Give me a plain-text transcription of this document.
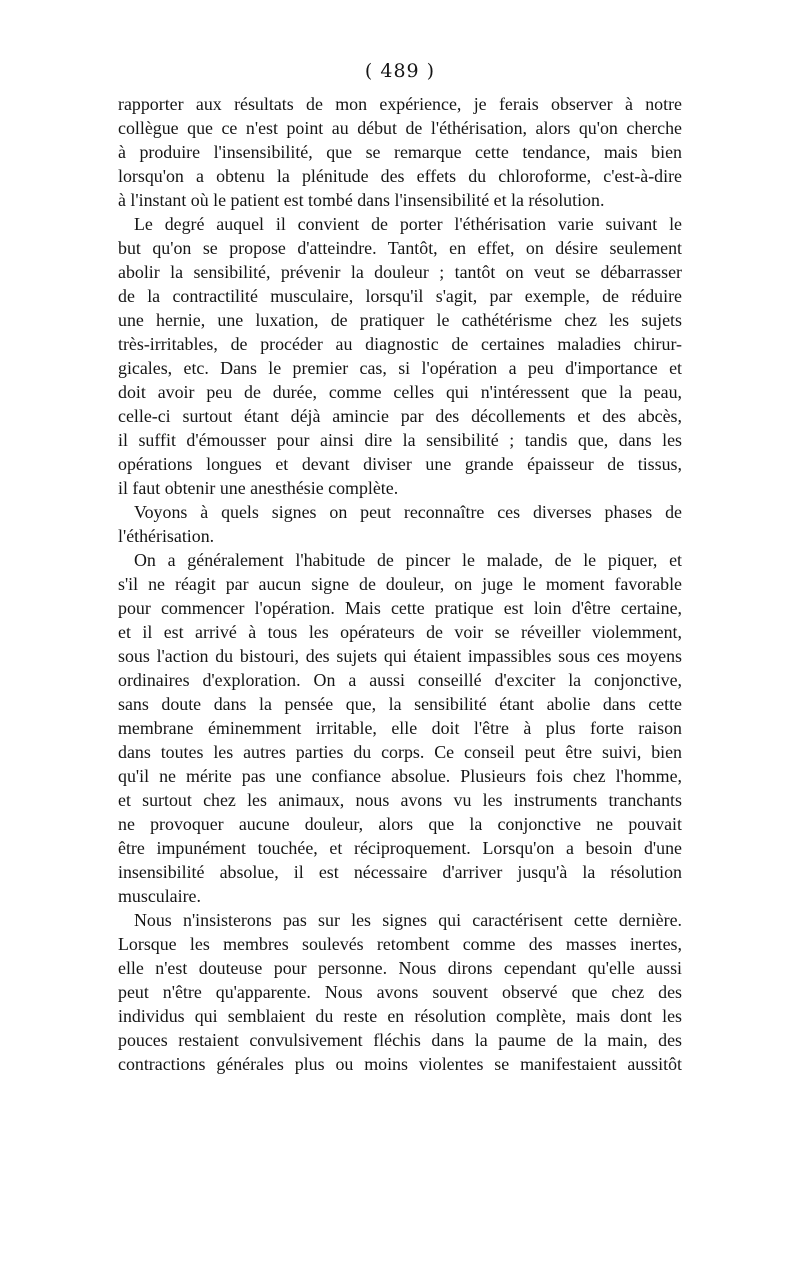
( 489 )
rapporter aux résultats de mon expérience, je ferais observer à notre
collègue que ce n'est point au début de l'éthérisation, alors qu'on cherche
à produire l'insensibilité, que se remarque cette tendance, mais bien
lorsqu'on a obtenu la plénitude des effets du chloroforme, c'est-à-dire
à l'instant où le patient est tombé dans l'insensibilité et la résolution.
Le degré auquel il convient de porter l'éthérisation varie suivant le
but qu'on se propose d'atteindre. Tantôt, en effet, on désire seulement
abolir la sensibilité, prévenir la douleur ; tantôt on veut se débarrasser
de la contractilité musculaire, lorsqu'il s'agit, par exemple, de réduire
une hernie, une luxation, de pratiquer le cathétérisme chez les sujets
très-irritables, de procéder au diagnostic de certaines maladies chirur-
gicales, etc. Dans le premier cas, si l'opération a peu d'importance et
doit avoir peu de durée, comme celles qui n'intéressent que la peau,
celle-ci surtout étant déjà amincie par des décollements et des abcès,
il suffit d'émousser pour ainsi dire la sensibilité ; tandis que, dans les
opérations longues et devant diviser une grande épaisseur de tissus,
il faut obtenir une anesthésie complète.
Voyons à quels signes on peut reconnaître ces diverses phases de
l'éthérisation.
On a généralement l'habitude de pincer le malade, de le piquer, et
s'il ne réagit par aucun signe de douleur, on juge le moment favorable
pour commencer l'opération. Mais cette pratique est loin d'être certaine,
et il est arrivé à tous les opérateurs de voir se réveiller violemment,
sous l'action du bistouri, des sujets qui étaient impassibles sous ces moyens
ordinaires d'exploration. On a aussi conseillé d'exciter la conjonctive,
sans doute dans la pensée que, la sensibilité étant abolie dans cette
membrane éminemment irritable, elle doit l'être à plus forte raison
dans toutes les autres parties du corps. Ce conseil peut être suivi, bien
qu'il ne mérite pas une confiance absolue. Plusieurs fois chez l'homme,
et surtout chez les animaux, nous avons vu les instruments tranchants
ne provoquer aucune douleur, alors que la conjonctive ne pouvait
être impunément touchée, et réciproquement. Lorsqu'on a besoin d'une
insensibilité absolue, il est nécessaire d'arriver jusqu'à la résolution
musculaire.
Nous n'insisterons pas sur les signes qui caractérisent cette dernière.
Lorsque les membres soulevés retombent comme des masses inertes,
elle n'est douteuse pour personne. Nous dirons cependant qu'elle aussi
peut n'être qu'apparente. Nous avons souvent observé que chez des
individus qui semblaient du reste en résolution complète, mais dont les
pouces restaient convulsivement fléchis dans la paume de la main, des
contractions générales plus ou moins violentes se manifestaient aussitôt
